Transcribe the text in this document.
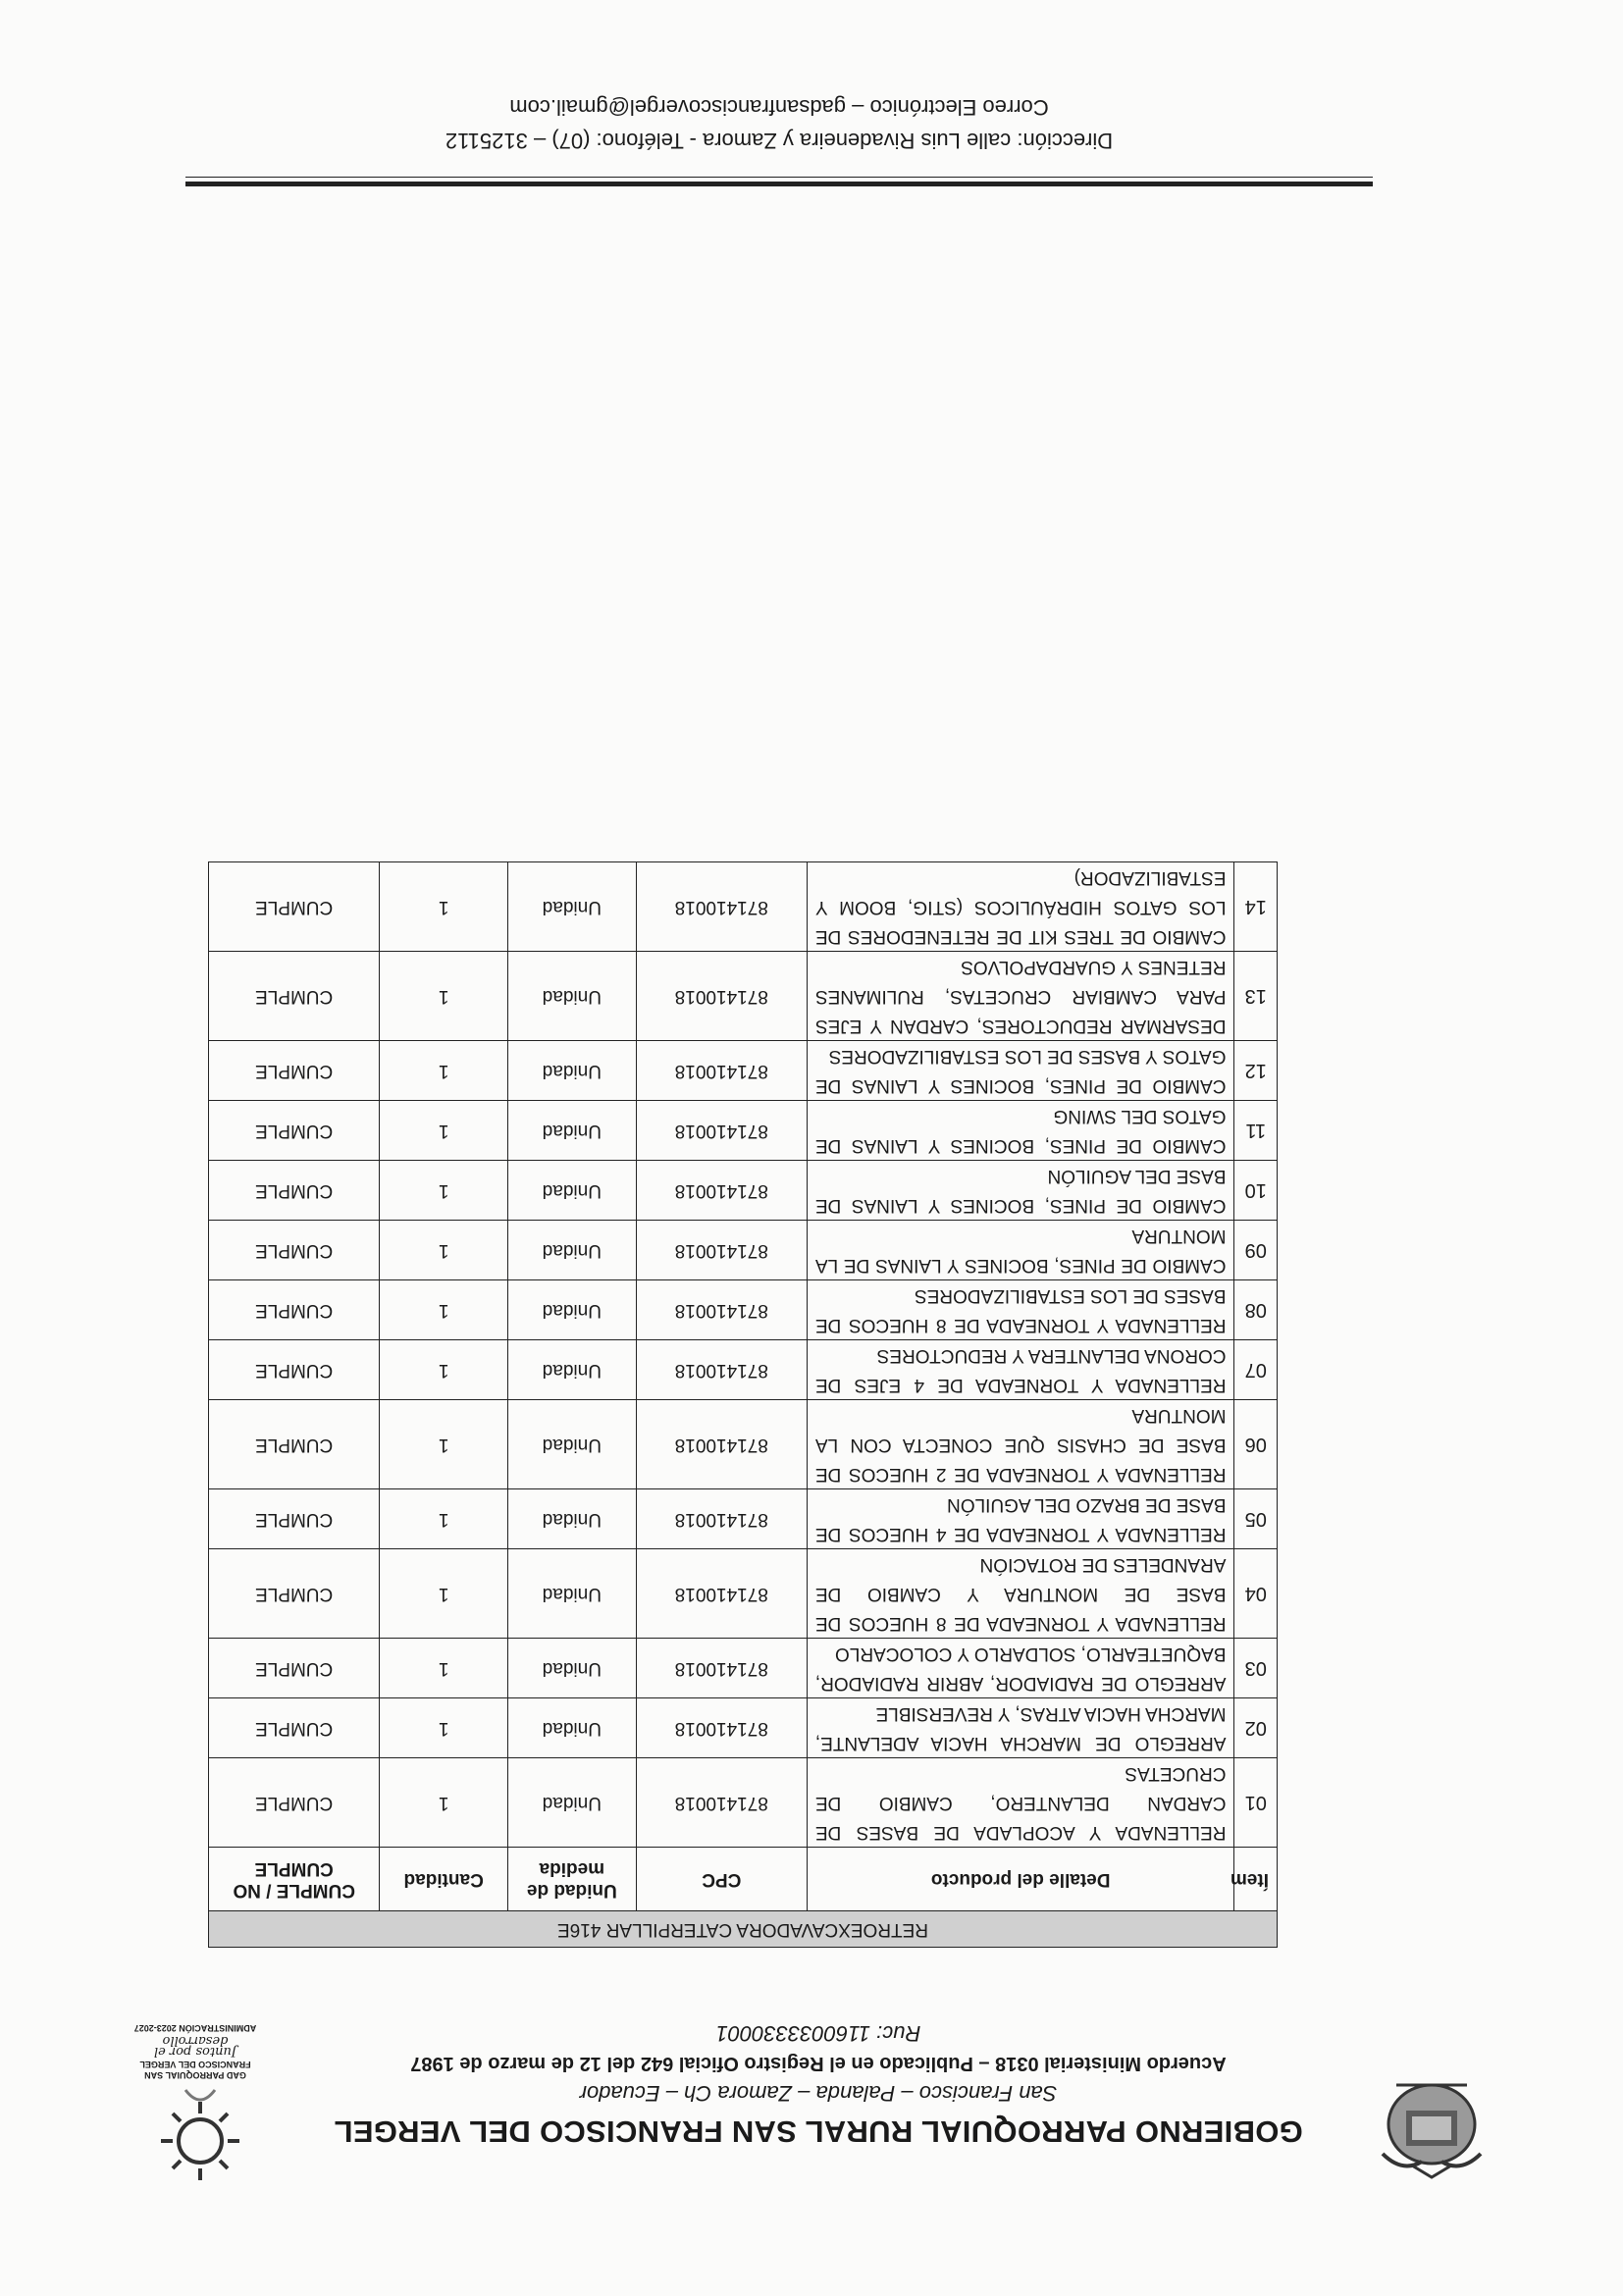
GOBIERNO PARROQUIAL RURAL SAN FRANCISCO DEL VERGEL
San Francisco – Palanda – Zamora Ch – Ecuador
Acuerdo Ministerial 0318 – Publicado en el Registro Oficial 642 del 12 de marzo de 1987
Ruc: 1160033330001
GAD PARROQUIAL SAN FRANCISCO DEL VERGEL
Juntos por el desarrollo
ADMINISTRACIÓN 2023-2027
RETROEXCAVADORA CATERPILLAR 416E					
Ítem	Detalle del producto	CPC	Unidad de medida	Cantidad	CUMPLE / NO CUMPLE
01	RELLENADA Y ACOPLADA DE BASES DE CARDAN DELANTERO, CAMBIO DE CRUCETAS	871410018	Unidad	1	CUMPLE
02	ARREGLO DE MARCHA HACIA ADELANTE, MARCHA HACIA ATRAS, Y REVERSIBLE	871410018	Unidad	1	CUMPLE
03	ARREGLO DE RADIADOR, ABRIR RADIADOR, BAQUETEARLO, SOLDARLO Y COLOCARLO	871410018	Unidad	1	CUMPLE
04	RELLENADA Y TORNEADA DE 8 HUECOS DE BASE DE MONTURA Y CAMBIO DE ARANDELES DE ROTACIÓN	871410018	Unidad	1	CUMPLE
05	RELLENADA Y TORNEADA DE 4 HUECOS DE BASE DE BRAZO DEL AGUILÓN	871410018	Unidad	1	CUMPLE
06	RELLENADA Y TORNEADA DE 2 HUECOS DE BASE DE CHASIS QUE CONECTA CON LA MONTURA	871410018	Unidad	1	CUMPLE
07	RELLENADA Y TORNEADA DE 4 EJES DE CORONA DELANTERA Y REDUCTORES	871410018	Unidad	1	CUMPLE
08	RELLENADA Y TORNEADA DE 8 HUECOS DE BASES DE LOS ESTABILIZADORES	871410018	Unidad	1	CUMPLE
09	CAMBIO DE PINES, BOCINES Y LAINAS DE LA MONTURA	871410018	Unidad	1	CUMPLE
10	CAMBIO DE PINES, BOCINES Y LAINAS DE BASE DEL AGUILÓN	871410018	Unidad	1	CUMPLE
11	CAMBIO DE PINES, BOCINES Y LAINAS DE GATOS DEL SWING	871410018	Unidad	1	CUMPLE
12	CAMBIO DE PINES, BOCINES Y LAINAS DE GATOS Y BASES DE LOS ESTABILIZADORES	871410018	Unidad	1	CUMPLE
13	DESARMAR REDUCTORES, CARDAN Y EJES PARA CAMBIAR CRUCETAS, RULIMANES RETENES Y GUARDAPOLVOS	871410018	Unidad	1	CUMPLE
14	CAMBIO DE TRES KIT DE RETENEDORES DE LOS GATOS HIDRÁULICOS (STIG, BOOM Y ESTABILIZADOR)	871410018	Unidad	1	CUMPLE
Dirección: calle Luis Rivadeneira y Zamora - Teléfono: (07) – 3125112
Correo Electrónico – gadsanfranciscovergel@gmail.com
